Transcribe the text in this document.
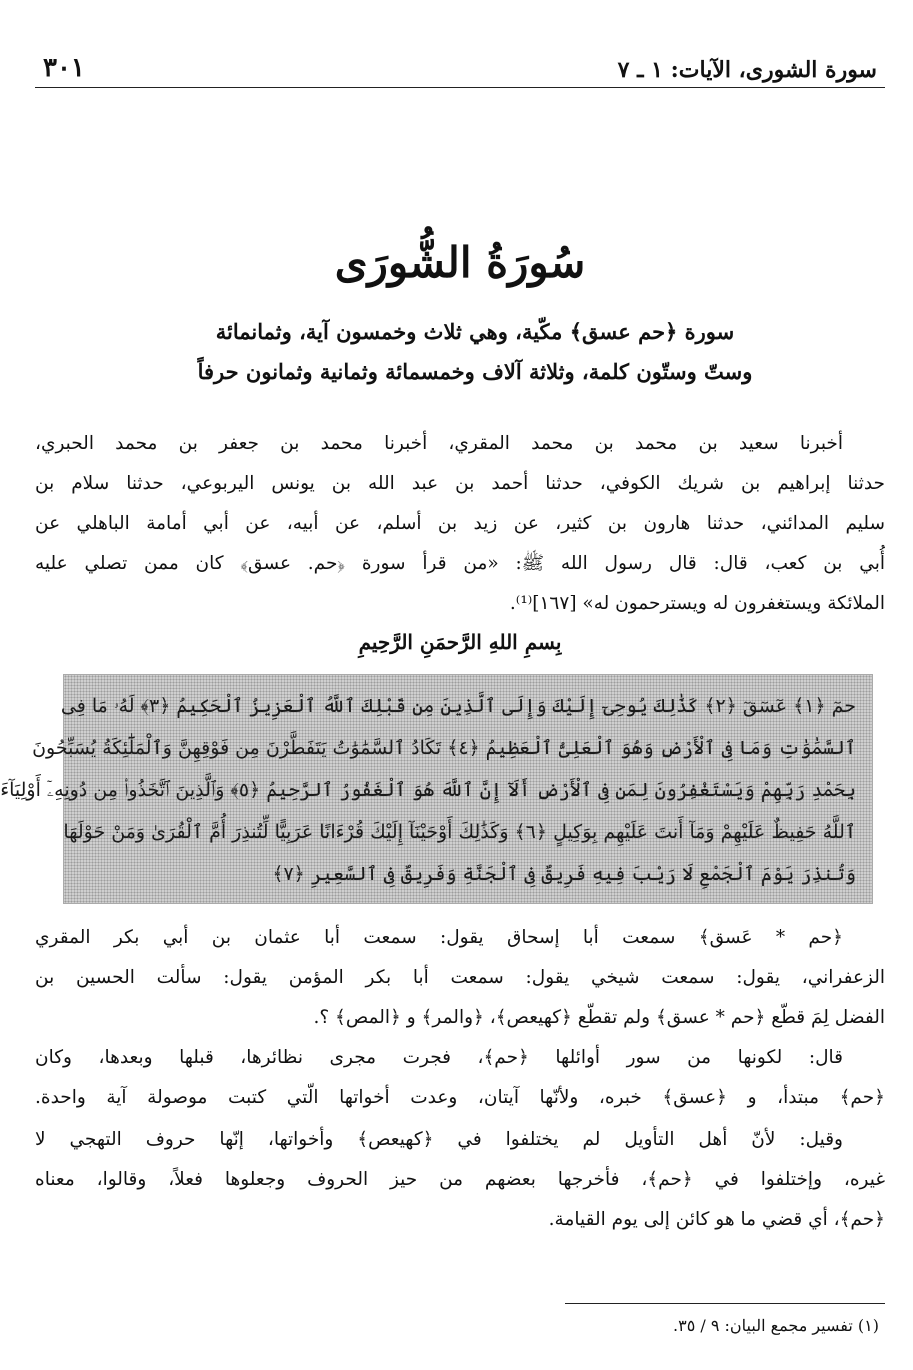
سورة الشورى، الآيات: ١ ـ ٧
٣٠١
سُورَةُ الشُّورَى
سورة ﴿حم عسق﴾ مكّية، وهي ثلاث وخمسون آية، وثمانمائة
وستّ وستّون كلمة، وثلاثة آلاف وخمسمائة وثمانية وثمانون حرفاً
أخبرنا سعيد بن محمد بن محمد المقري، أخبرنا محمد بن جعفر بن محمد الحبري،
حدثنا إبراهيم بن شريك الكوفي، حدثنا أحمد بن عبد الله بن يونس اليربوعي، حدثنا سلام بن
سليم المدائني، حدثنا هارون بن كثير، عن زيد بن أسلم، عن أبيه، عن أبي أمامة الباهلي عن
أُبي بن كعب، قال: قال رسول الله ﷺ: «من قرأ سورة ﴿حم. عسق﴾ كان ممن تصلي عليه
الملائكة ويستغفرون له ويسترحمون له» [١٦٧]⁽¹⁾.
بِسمِ اللهِ الرَّحمَنِ الرَّحِيمِ
حمٓ ﴿١﴾ عٓسٓقٓ ﴿٢﴾ كَذَٰلِكَ يُوحِىٓ إِلَيْكَ وَإِلَى ٱلَّذِينَ مِن قَبْلِكَ ٱللَّهُ ٱلْعَزِيزُ ٱلْحَكِيمُ ﴿٣﴾ لَهُۥ مَا فِى
ٱلسَّمَٰوَٰتِ وَمَا فِى ٱلْأَرْضِ وَهُوَ ٱلْعَلِىُّ ٱلْعَظِيمُ ﴿٤﴾ تَكَادُ ٱلسَّمَٰوَٰتُ يَتَفَطَّرْنَ مِن فَوْقِهِنَّ وَٱلْمَلَٰٓئِكَةُ يُسَبِّحُونَ
بِحَمْدِ رَبِّهِمْ وَيَسْتَغْفِرُونَ لِمَن فِى ٱلْأَرْضِ أَلَآ إِنَّ ٱللَّهَ هُوَ ٱلْغَفُورُ ٱلرَّحِيمُ ﴿٥﴾ وَٱلَّذِينَ ٱتَّخَذُوا۟ مِن دُونِهِۦٓ أَوْلِيَآءَ
ٱللَّهُ حَفِيظٌ عَلَيْهِمْ وَمَآ أَنتَ عَلَيْهِم بِوَكِيلٍ ﴿٦﴾ وَكَذَٰلِكَ أَوْحَيْنَآ إِلَيْكَ قُرْءَانًا عَرَبِيًّا لِّتُنذِرَ أُمَّ ٱلْقُرَىٰ وَمَنْ حَوْلَهَا
وَتُنذِرَ يَوْمَ ٱلْجَمْعِ لَا رَيْبَ فِيهِ فَرِيقٌ فِى ٱلْجَنَّةِ وَفَرِيقٌ فِى ٱلسَّعِيرِ ﴿٧﴾
﴿حم * عَسق﴾ سمعت أبا إسحاق يقول: سمعت أبا عثمان بن أبي بكر المقري
الزعفراني، يقول: سمعت شيخي يقول: سمعت أبا بكر المؤمن يقول: سألت الحسين بن
الفضل لِمَ قطّع ﴿حم * عسق﴾ ولم تقطّع ﴿كهيعص﴾، ﴿والمر﴾ و ﴿المص﴾ ؟.
قال: لكونها من سور أوائلها ﴿حم﴾، فجرت مجرى نظائرها، قبلها وبعدها، وكان
﴿حم﴾ مبتدأ، و ﴿عسق﴾ خبره، ولأنّها آيتان، وعدت أخواتها الّتي كتبت موصولة آية واحدة.
وقيل: لأنّ أهل التأويل لم يختلفوا في ﴿كهيعص﴾ وأخواتها، إنّها حروف التهجي لا
غيره، وإختلفوا في ﴿حم﴾، فأخرجها بعضهم من حيز الحروف وجعلوها فعلاً، وقالوا، معناه
﴿حم﴾، أي قضي ما هو كائن إلى يوم القيامة.
(١) تفسير مجمع البيان: ٩ / ٣٥.
